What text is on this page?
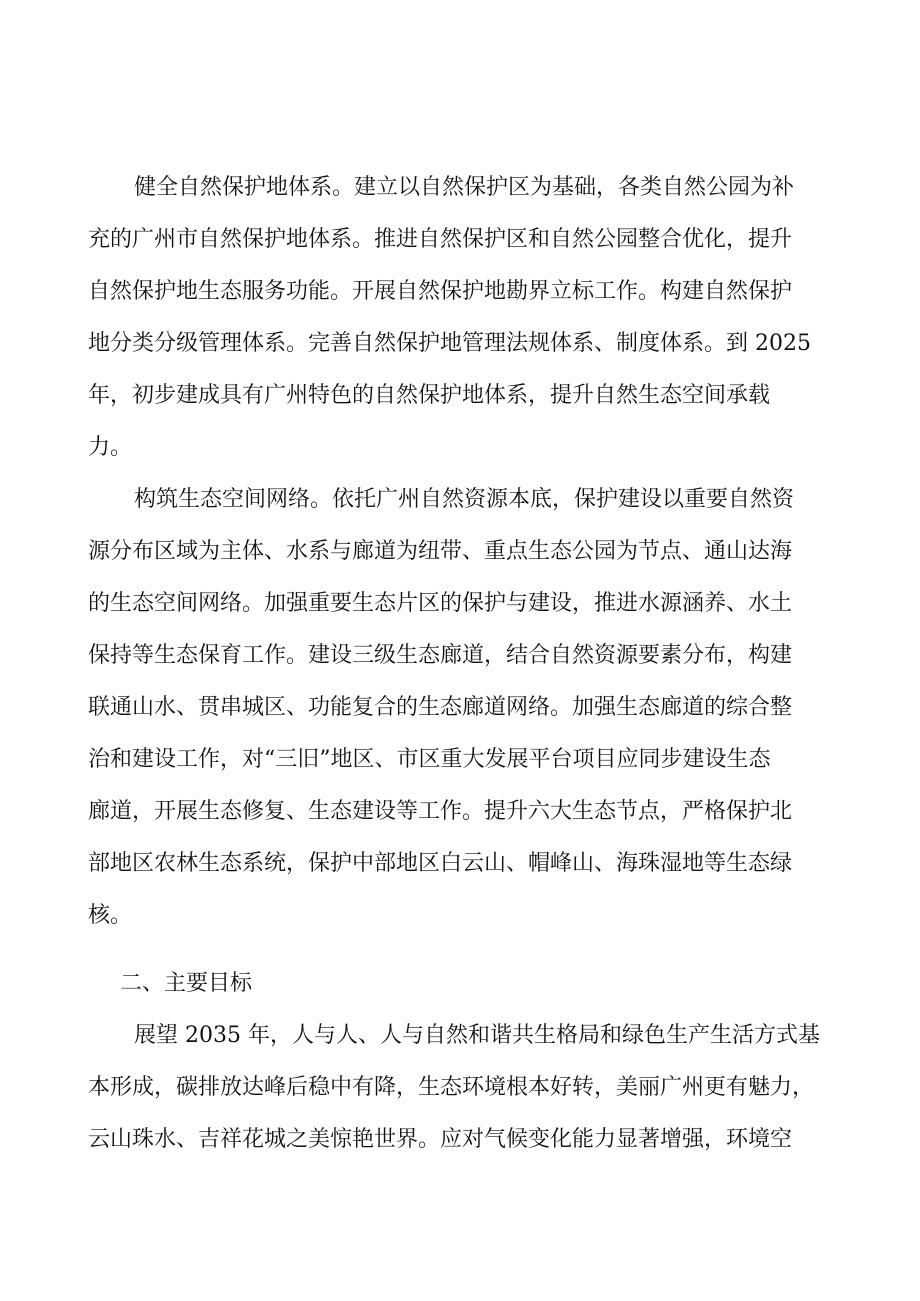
健全自然保护地体系。建立以自然保护区为基础，各类自然公园为补
充的广州市自然保护地体系。推进自然保护区和自然公园整合优化，提升
自然保护地生态服务功能。开展自然保护地勘界立标工作。构建自然保护
地分类分级管理体系。完善自然保护地管理法规体系、制度体系。到 2025
年，初步建成具有广州特色的自然保护地体系，提升自然生态空间承载
力。
构筑生态空间网络。依托广州自然资源本底，保护建设以重要自然资
源分布区域为主体、水系与廊道为纽带、重点生态公园为节点、通山达海
的生态空间网络。加强重要生态片区的保护与建设，推进水源涵养、水土
保持等生态保育工作。建设三级生态廊道，结合自然资源要素分布，构建
联通山水、贯串城区、功能复合的生态廊道网络。加强生态廊道的综合整
治和建设工作，对“三旧”地区、市区重大发展平台项目应同步建设生态
廊道，开展生态修复、生态建设等工作。提升六大生态节点，严格保护北
部地区农林生态系统，保护中部地区白云山、帽峰山、海珠湿地等生态绿
核。
二、主要目标
展望 2035 年，人与人、人与自然和谐共生格局和绿色生产生活方式基
本形成，碳排放达峰后稳中有降，生态环境根本好转，美丽广州更有魅力，
云山珠水、吉祥花城之美惊艳世界。应对气候变化能力显著增强，环境空
